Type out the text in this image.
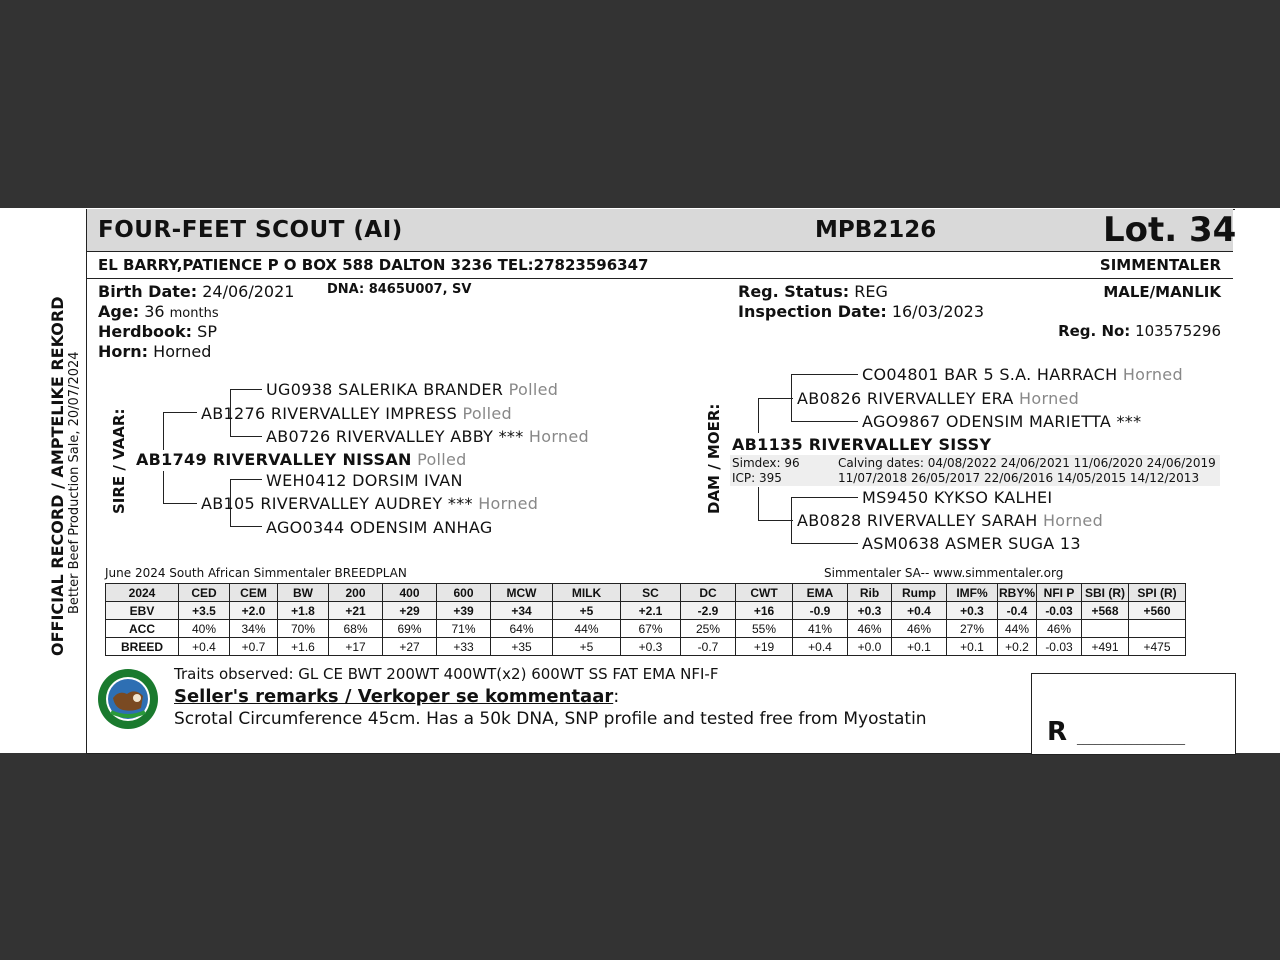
OFFICIAL RECORD / AMPTELIKE REKORD Better Beef Production Sale, 20/07/2024
FOUR-FEET SCOUT (AI)	MPB2126	Lot. 34
EL BARRY,PATIENCE P O BOX 588 DALTON 3236 TEL:27823596347	SIMMENTALER
Birth Date: 24/06/2021	DNA: 8465U007, SV
Age: 36 months
Herdbook: SP
Horn: Horned
Reg. Status: REG
Inspection Date: 16/03/2023
MALE/MANLIK
Reg. No: 103575296
SIRE / VAAR:
UG0938 SALERIKA BRANDER Polled
AB1276 RIVERVALLEY IMPRESS Polled
AB0726 RIVERVALLEY ABBY *** Horned
AB1749 RIVERVALLEY NISSAN Polled
WEH0412 DORSIM IVAN
AB105 RIVERVALLEY AUDREY *** Horned
AGO0344 ODENSIM ANHAG
DAM / MOER:
CO04801 BAR 5 S.A. HARRACH Horned
AB0826 RIVERVALLEY ERA Horned
AGO9867 ODENSIM MARIETTA ***
AB1135 RIVERVALLEY SISSY
Simdex: 96
ICP: 395
Calving dates: 04/08/2022 24/06/2021 11/06/2020 24/06/2019
11/07/2018 26/05/2017 22/06/2016 14/05/2015 14/12/2013
MS9450 KYKSO KALHEI
AB0828 RIVERVALLEY SARAH Horned
ASM0638 ASMER SUGA 13
June 2024 South African Simmentaler BREEDPLAN	Simmentaler SA-- www.simmentaler.org
2024	CED	CEM	BW	200	400	600	MCW	MILK	SC	DC	CWT	EMA	Rib	Rump	IMF%	RBY%	NFI P	SBI (R)	SPI (R)
EBV	+3.5	+2.0	+1.8	+21	+29	+39	+34	+5	+2.1	-2.9	+16	-0.9	+0.3	+0.4	+0.3	-0.4	-0.03	+568	+560
ACC	40%	34%	70%	68%	69%	71%	64%	44%	67%	25%	55%	41%	46%	46%	27%	44%	46%		
BREED	+0.4	+0.7	+1.6	+17	+27	+33	+35	+5	+0.3	-0.7	+19	+0.4	+0.0	+0.1	+0.1	+0.2	-0.03	+491	+475
Traits observed: GL CE BWT 200WT 400WT(x2) 600WT SS FAT EMA NFI-F
Seller's remarks / Verkoper se kommentaar:
Scrotal Circumference 45cm. Has a 50k DNA, SNP profile and tested free from Myostatin	R __________________
